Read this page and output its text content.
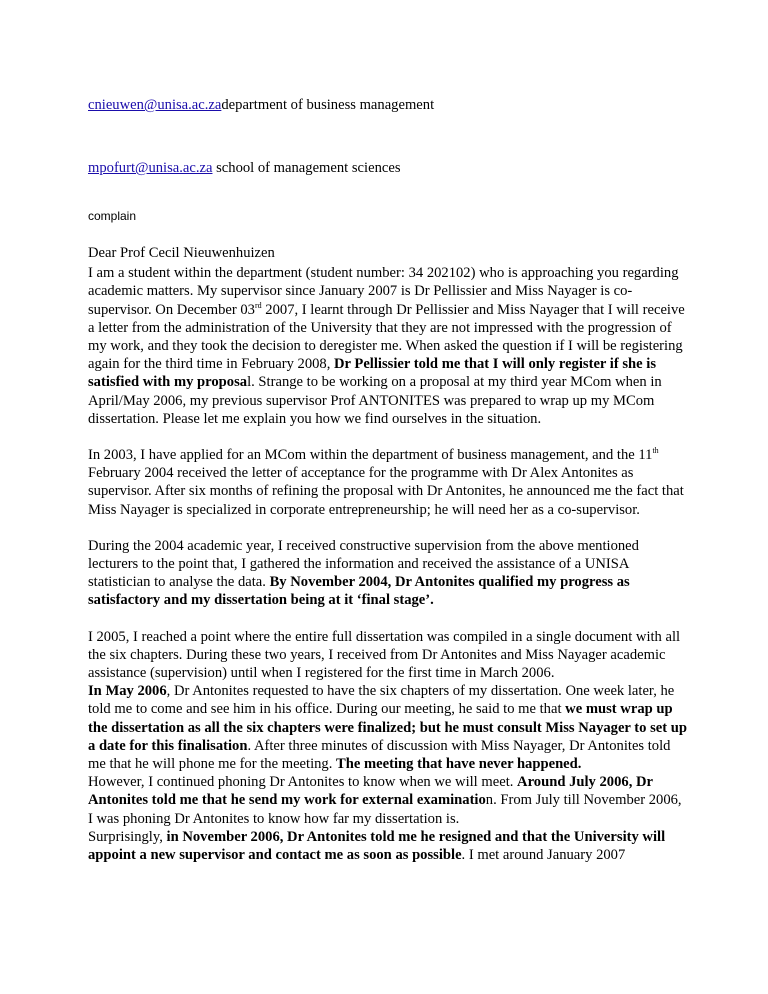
cnieuwen@unisa.ac.zadepartment of business management
mpofurt@unisa.ac.za school of management sciences
complain

Dear Prof Cecil Nieuwenhuizen

I am a student within the department (student number: 34 202102) who is approaching you regarding academic matters. My supervisor since January 2007 is Dr Pellissier and Miss Nayager is co-supervisor. On December 03rd 2007, I learnt through Dr Pellissier and Miss Nayager that I will receive a letter from the administration of the University that they are not impressed with the progression of my work, and they took the decision to deregister me. When asked the question if I will be registering again for the third time in February 2008, Dr Pellissier told me that I will only register if she is satisfied with my proposal. Strange to be working on a proposal at my third year MCom when in April/May 2006, my previous supervisor Prof ANTONITES was prepared to wrap up my MCom dissertation. Please let me explain you how we find ourselves in the situation.

In 2003, I have applied for an MCom within the department of business management, and the 11th February 2004 received the letter of acceptance for the programme with Dr Alex Antonites as supervisor. After six months of refining the proposal with Dr Antonites, he announced me the fact that Miss Nayager is specialized in corporate entrepreneurship; he will need her as a co-supervisor.

During the 2004 academic year, I received constructive supervision from the above mentioned lecturers to the point that, I gathered the information and received the assistance of a UNISA statistician to analyse the data. By November 2004, Dr Antonites qualified my progress as satisfactory and my dissertation being at it ‘final stage’.

I 2005, I reached a point where the entire full dissertation was compiled in a single document with all the six chapters. During these two years, I received from Dr Antonites and Miss Nayager academic assistance (supervision) until when I registered for the first time in March 2006.

In May 2006, Dr Antonites requested to have the six chapters of my dissertation. One week later, he told me to come and see him in his office. During our meeting, he said to me that we must wrap up the dissertation as all the six chapters were finalized; but he must consult Miss Nayager to set up a date for this finalisation. After three minutes of discussion with Miss Nayager, Dr Antonites told me that he will phone me for the meeting. The meeting that have never happened.

However, I continued phoning Dr Antonites to know when we will meet. Around July 2006, Dr Antonites told me that he send my work for external examination. From July till November 2006, I was phoning Dr Antonites to know how far my dissertation is.

Surprisingly, in November 2006, Dr Antonites told me he resigned and that the University will appoint a new supervisor and contact me as soon as possible. I met around January 2007
